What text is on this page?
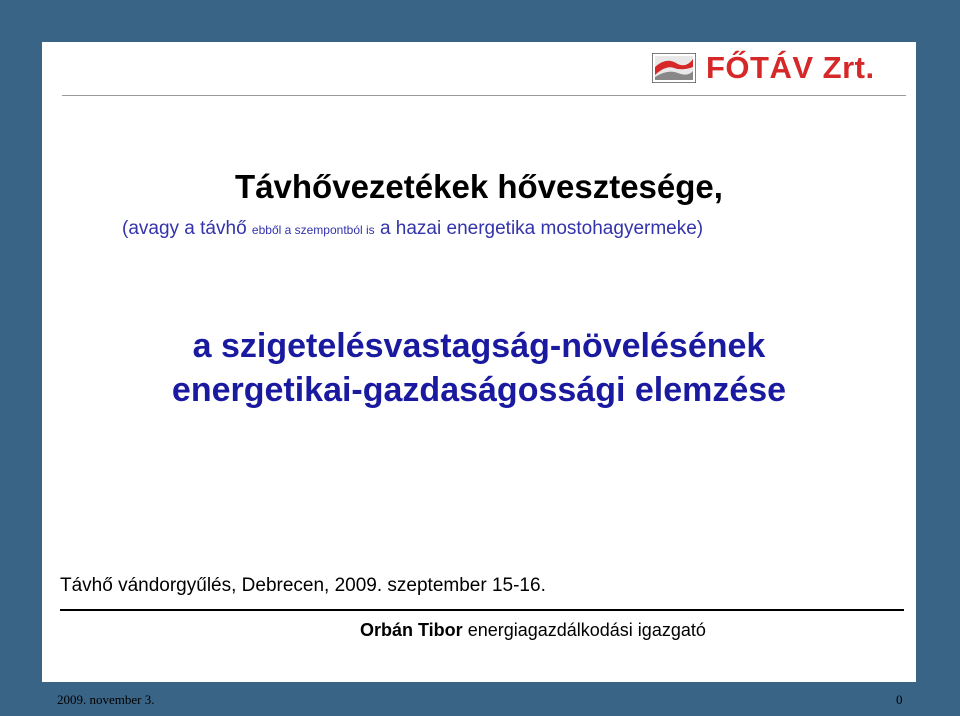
FŐTÁV Zrt.

Távhővezetékek hővesztesége,

(avagy a távhő ebből a szempontból is a hazai energetika mostohagyermeke)

a szigetelésvastagság-növelésének
energetikai-gazdaságossági elemzése

Távhő vándorgyűlés, Debrecen, 2009. szeptember 15-16.

Orbán Tibor energiagazdálkodási igazgató

2009. november 3.	0
